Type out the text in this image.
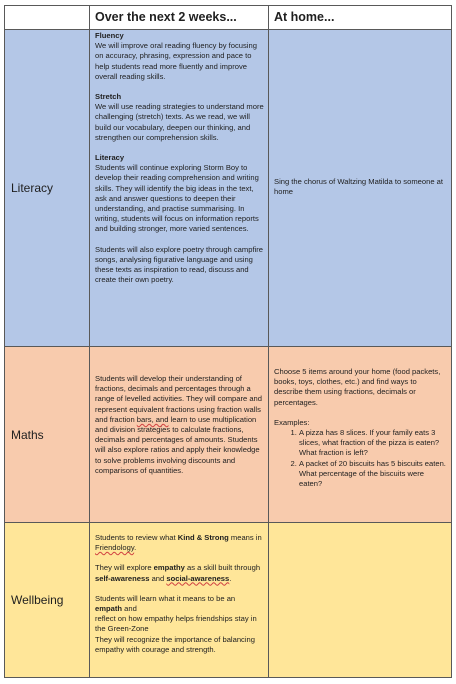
Over the next 2 weeks...	At home...
Literacy

Fluency

We will improve oral reading fluency by focusing on accuracy, phrasing, expression and pace to help students read more fluently and improve overall reading skills.

Stretch

We will use reading strategies to understand more challenging (stretch) texts. As we read, we will build our vocabulary, deepen our thinking, and strengthen our comprehension skills.

Literacy

Students will continue exploring Storm Boy to develop their reading comprehension and writing skills. They will identify the big ideas in the text, ask and answer questions to deepen their understanding, and practise summarising. In writing, students will focus on information reports and building stronger, more varied sentences.

Students will also explore poetry through campfire songs, analysing figurative language and using these texts as inspiration to read, discuss and create their own poetry.

Sing the chorus of Waltzing Matilda to someone at home

Maths

Students will develop their understanding of fractions, decimals and percentages through a range of levelled activities. They will compare and represent equivalent fractions using fraction walls and fraction bars, and learn to use multiplication and division strategies to calculate fractions, decimals and percentages of amounts. Students will also explore ratios and apply their knowledge to solve problems involving discounts and comparisons of quantities.

Choose 5 items around your home (food packets, books, toys, clothes, etc.) and find ways to describe them using fractions, decimals or percentages.

Examples:

1. A pizza has 8 slices. If your family eats 3 slices, what fraction of the pizza is eaten? What fraction is left?
2. A packet of 20 biscuits has 5 biscuits eaten. What percentage of the biscuits were eaten?
Wellbeing

Students to review what Kind & Strong means in Friendology.

They will explore empathy as a skill built through self-awareness and social-awareness.

Students will learn what it means to be an empath and

reflect on how empathy helps friendships stay in the Green-Zone

They will recognize the importance of balancing empathy with courage and strength.
